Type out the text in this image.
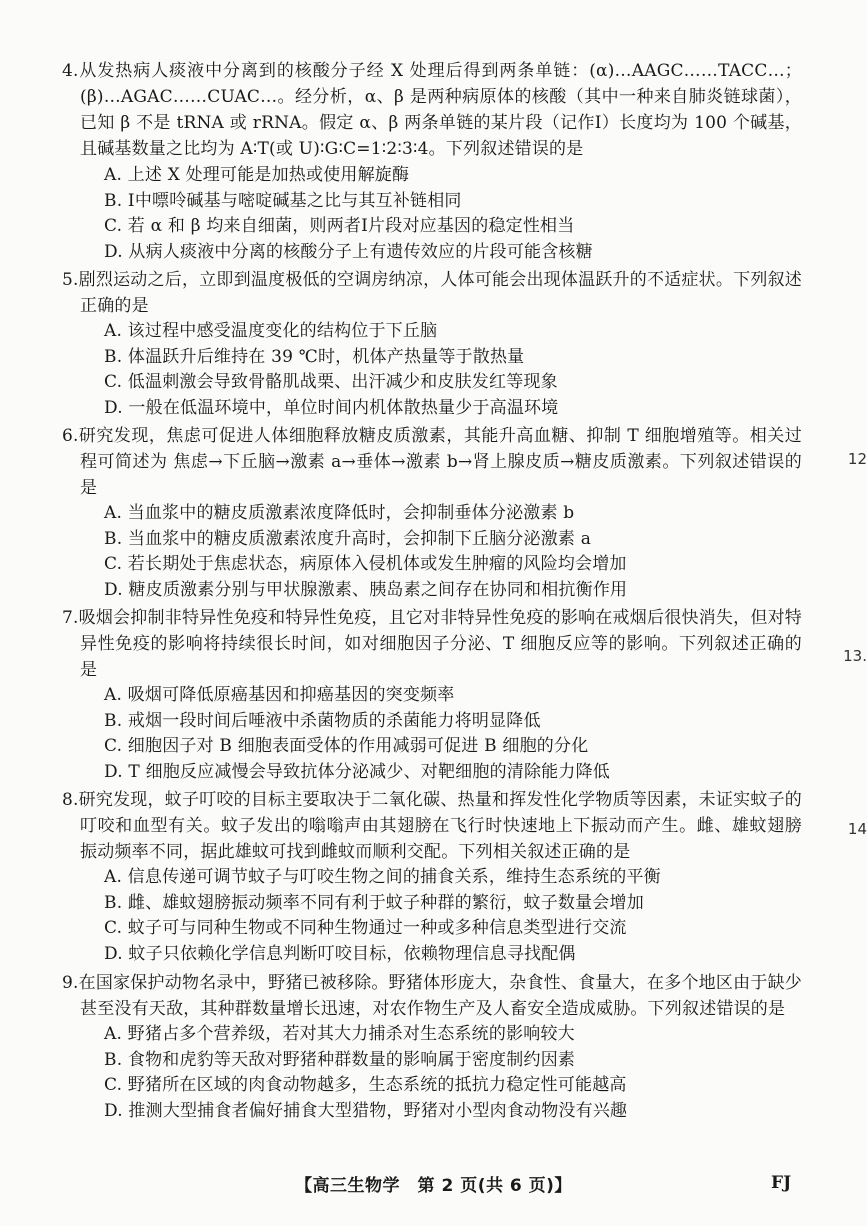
4.从发热病人痰液中分离到的核酸分子经 X 处理后得到两条单链：(α)…AAGC……TACC…；(β)…AGAC……CUAC…。经分析，α、β 是两种病原体的核酸（其中一种来自肺炎链球菌），已知 β 不是 tRNA 或 rRNA。假定 α、β 两条单链的某片段（记作Ⅰ）长度均为 100 个碱基，且碱基数量之比均为 A∶T(或 U)∶G∶C=1∶2∶3∶4。下列叙述错误的是

A. 上述 X 处理可能是加热或使用解旋酶
B. Ⅰ中嘌呤碱基与嘧啶碱基之比与其互补链相同
C. 若 α 和 β 均来自细菌，则两者Ⅰ片段对应基因的稳定性相当
D. 从病人痰液中分离的核酸分子上有遗传效应的片段可能含核糖

5.剧烈运动之后，立即到温度极低的空调房纳凉，人体可能会出现体温跃升的不适症状。下列叙述正确的是

A. 该过程中感受温度变化的结构位于下丘脑
B. 体温跃升后维持在 39 ℃时，机体产热量等于散热量
C. 低温刺激会导致骨骼肌战栗、出汗减少和皮肤发红等现象
D. 一般在低温环境中，单位时间内机体散热量少于高温环境

6.研究发现，焦虑可促进人体细胞释放糖皮质激素，其能升高血糖、抑制 T 细胞增殖等。相关过程可简述为 焦虑→下丘脑→激素 a→垂体→激素 b→肾上腺皮质→糖皮质激素。下列叙述错误的是

A. 当血浆中的糖皮质激素浓度降低时，会抑制垂体分泌激素 b
B. 当血浆中的糖皮质激素浓度升高时，会抑制下丘脑分泌激素 a
C. 若长期处于焦虑状态，病原体入侵机体或发生肿瘤的风险均会增加
D. 糖皮质激素分别与甲状腺激素、胰岛素之间存在协同和相抗衡作用

7.吸烟会抑制非特异性免疫和特异性免疫，且它对非特异性免疫的影响在戒烟后很快消失，但对特异性免疫的影响将持续很长时间，如对细胞因子分泌、T 细胞反应等的影响。下列叙述正确的是

A. 吸烟可降低原癌基因和抑癌基因的突变频率
B. 戒烟一段时间后唾液中杀菌物质的杀菌能力将明显降低
C. 细胞因子对 B 细胞表面受体的作用减弱可促进 B 细胞的分化
D. T 细胞反应减慢会导致抗体分泌减少、对靶细胞的清除能力降低

8.研究发现，蚊子叮咬的目标主要取决于二氧化碳、热量和挥发性化学物质等因素，未证实蚊子的叮咬和血型有关。蚊子发出的嗡嗡声由其翅膀在飞行时快速地上下振动而产生。雌、雄蚊翅膀振动频率不同，据此雄蚊可找到雌蚊而顺利交配。下列相关叙述正确的是

A. 信息传递可调节蚊子与叮咬生物之间的捕食关系，维持生态系统的平衡
B. 雌、雄蚊翅膀振动频率不同有利于蚊子种群的繁衍，蚊子数量会增加
C. 蚊子可与同种生物或不同种生物通过一种或多种信息类型进行交流
D. 蚊子只依赖化学信息判断叮咬目标，依赖物理信息寻找配偶

9.在国家保护动物名录中，野猪已被移除。野猪体形庞大，杂食性、食量大，在多个地区由于缺少甚至没有天敌，其种群数量增长迅速，对农作物生产及人畜安全造成威胁。下列叙述错误的是

A. 野猪占多个营养级，若对其大力捕杀对生态系统的影响较大
B. 食物和虎豹等天敌对野猪种群数量的影响属于密度制约因素
C. 野猪所在区域的肉食动物越多，生态系统的抵抗力稳定性可能越高
D. 推测大型捕食者偏好捕食大型猎物，野猪对小型肉食动物没有兴趣
12
13.
14
【高三生物学　第 2 页(共 6 页)】	FJ
